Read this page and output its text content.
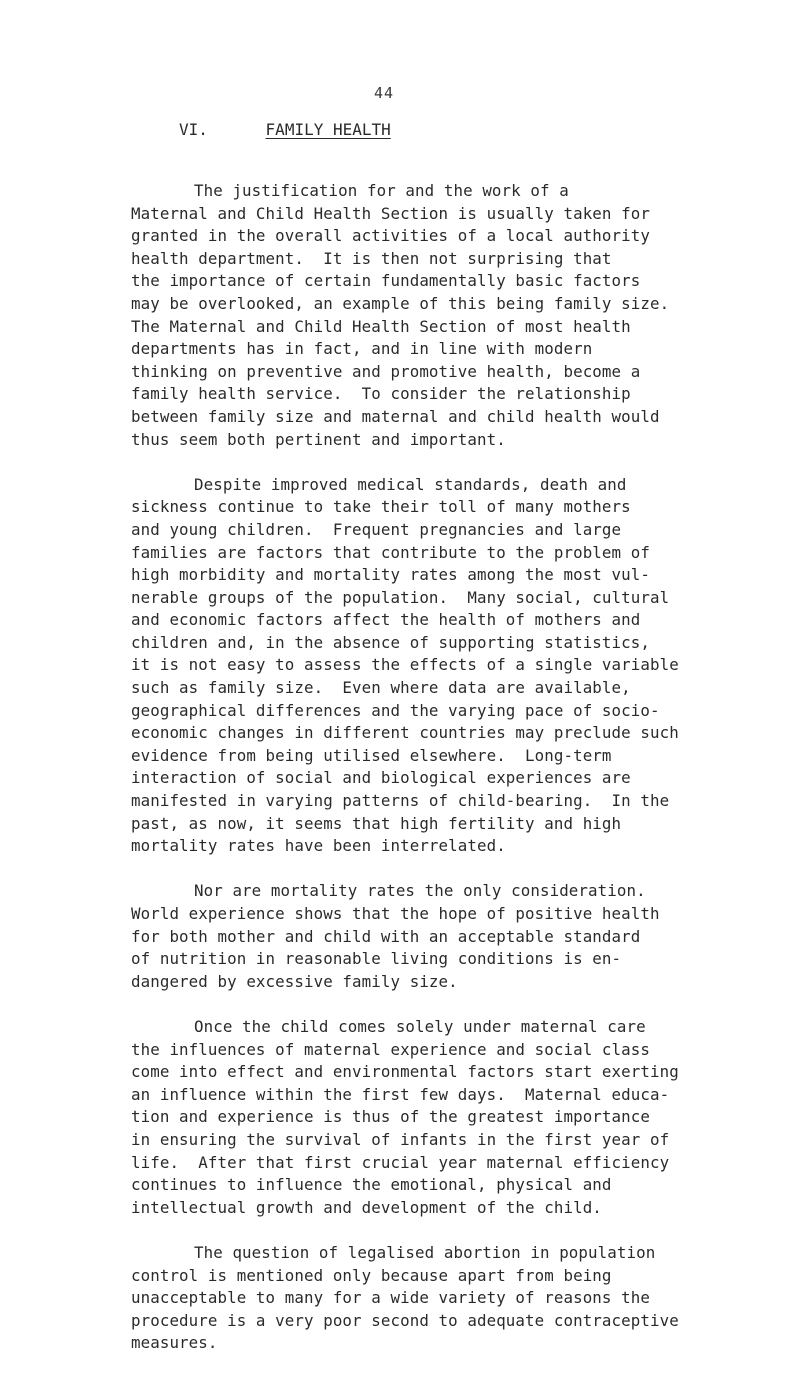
44
VI.	FAMILY HEALTH
The justification for and the work of a
Maternal and Child Health Section is usually taken for
granted in the overall activities of a local authority
health department.  It is then not surprising that
the importance of certain fundamentally basic factors
may be overlooked, an example of this being family size.
The Maternal and Child Health Section of most health
departments has in fact, and in line with modern
thinking on preventive and promotive health, become a
family health service.  To consider the relationship
between family size and maternal and child health would
thus seem both pertinent and important.
Despite improved medical standards, death and
sickness continue to take their toll of many mothers
and young children.  Frequent pregnancies and large
families are factors that contribute to the problem of
high morbidity and mortality rates among the most vul-
nerable groups of the population.  Many social, cultural
and economic factors affect the health of mothers and
children and, in the absence of supporting statistics,
it is not easy to assess the effects of a single variable
such as family size.  Even where data are available,
geographical differences and the varying pace of socio-
economic changes in different countries may preclude such
evidence from being utilised elsewhere.  Long-term
interaction of social and biological experiences are
manifested in varying patterns of child-bearing.  In the
past, as now, it seems that high fertility and high
mortality rates have been interrelated.
Nor are mortality rates the only consideration.
World experience shows that the hope of positive health
for both mother and child with an acceptable standard
of nutrition in reasonable living conditions is en-
dangered by excessive family size.
Once the child comes solely under maternal care
the influences of maternal experience and social class
come into effect and environmental factors start exerting
an influence within the first few days.  Maternal educa-
tion and experience is thus of the greatest importance
in ensuring the survival of infants in the first year of
life.  After that first crucial year maternal efficiency
continues to influence the emotional, physical and
intellectual growth and development of the child.
The question of legalised abortion in population
control is mentioned only because apart from being
unacceptable to many for a wide variety of reasons the
procedure is a very poor second to adequate contraceptive
measures.
